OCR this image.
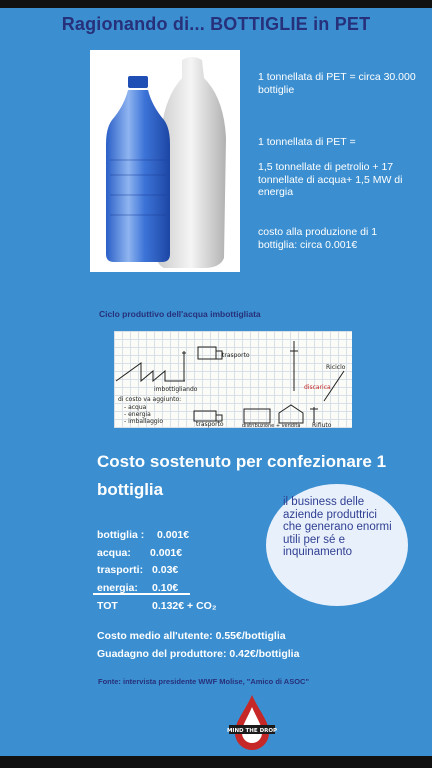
Ragionando di... BOTTIGLIE in PET
1 tonnellata di PET = circa 30.000 bottiglie
1 tonnellata di PET =
1,5 tonnellate di petrolio + 17 tonnellate di acqua+ 1,5 MW di energia
costo alla produzione di 1 bottiglia: circa 0.001€
Ciclo produttivo dell'acqua imbottigliata
imbottigliando
di costo va aggiunto:
- acqua
- energia
- imballaggio
trasporto
trasporto	distribuzione + vendita Rifiuto
Riciclo
discarica
Costo sostenuto per confezionare 1 bottiglia
il business delle aziende produttrici che generano enormi utili per sé e inquinamento
bottiglia : 0.001€
acqua: 0.001€
trasporti: 0.03€
energia: 0.10€
TOT	0.132€ + CO₂
Costo medio all'utente: 0.55€/bottiglia
Guadagno del produttore: 0.42€/bottiglia
Fonte: intervista presidente WWF Molise, "Amico di ASOC"
MIND THE DROP
